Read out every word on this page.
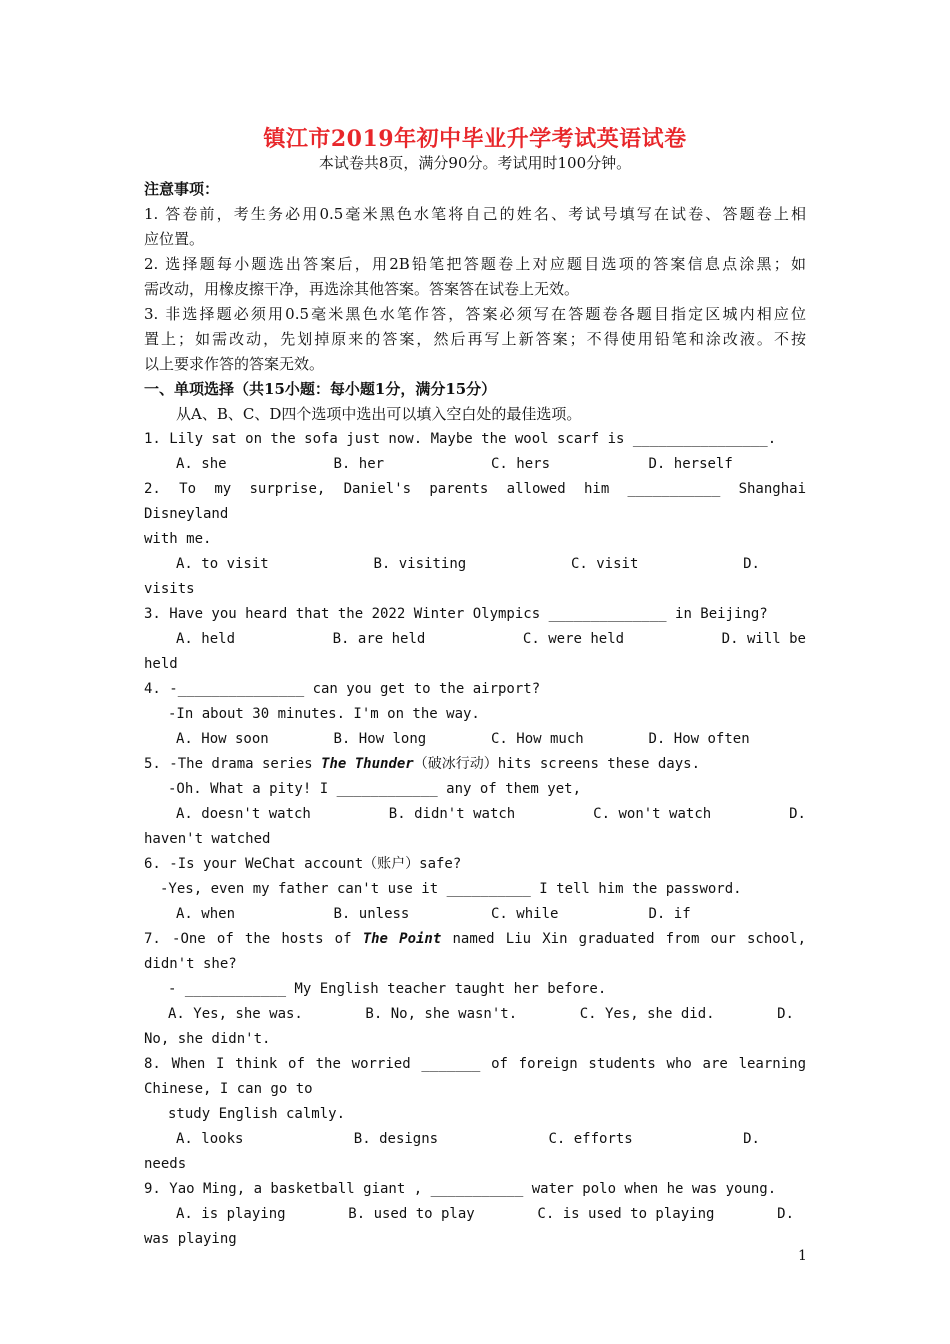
镇江市2019年初中毕业升学考试英语试卷
本试卷共8页，满分90分。考试用时100分钟。

注意事项：

1. 答卷前，考生务必用0.5毫米黑色水笔将自己的姓名、考试号填写在试卷、答题卷上相

应位置。

2. 选择题每小题选出答案后，用2B铅笔把答题卷上对应题目选项的答案信息点涂黑；如

需改动，用橡皮擦干净，再选涂其他答案。答案答在试卷上无效。

3. 非选择题必须用0.5毫米黑色水笔作答，答案必须写在答题卷各题目指定区城内相应位

置上；如需改动，先划掉原来的答案，然后再写上新答案；不得使用铅笔和涂改液。不按

以上要求作答的答案无效。

一、单项选择（共15小题：每小题1分，满分15分）

从A、B、C、D四个选项中选出可以填入空白处的最佳选项。

1. Lily sat on the sofa just now. Maybe the wool scarf is ________________.

A. she	B. her	C. hers	D. herself

2. To my surprise, Daniel's parents allowed him ___________ Shanghai Disneyland

with me.

A. to visit	B. visiting	C. visit	D.

visits

3. Have you heard that the 2022 Winter Olympics ______________ in Beijing?

A. held	B. are held	C. were held	D. will be

held

4. -_______________ can you get to the airport?

-In about 30 minutes. I'm on the way.

A. How soon	B. How long	C. How much	D. How often

5. -The drama series The Thunder（破冰行动）hits screens these days.

-Oh. What a pity! I ____________ any of them yet,

A. doesn't watch	B. didn't watch	C. won't watch	D.

haven't watched

6. -Is your WeChat account（账户）safe?

-Yes, even my father can't use it __________ I tell him the password.

A. when	B. unless	C. while	D. if

7. -One of the hosts of The Point named Liu Xin graduated from our school,

didn't she?

- ____________ My English teacher taught her before.

A. Yes, she was.	B. No, she wasn't.	C. Yes, she did.	D.

No, she didn't.

8. When I think of the worried _______ of foreign students who are learning

Chinese, I can go to

study English calmly.

A. looks	B. designs	C. efforts	D.

needs

9. Yao Ming, a basketball giant , ___________ water polo when he was young.

A. is playing	B. used to play	C. is used to playing	D.

was playing

1
